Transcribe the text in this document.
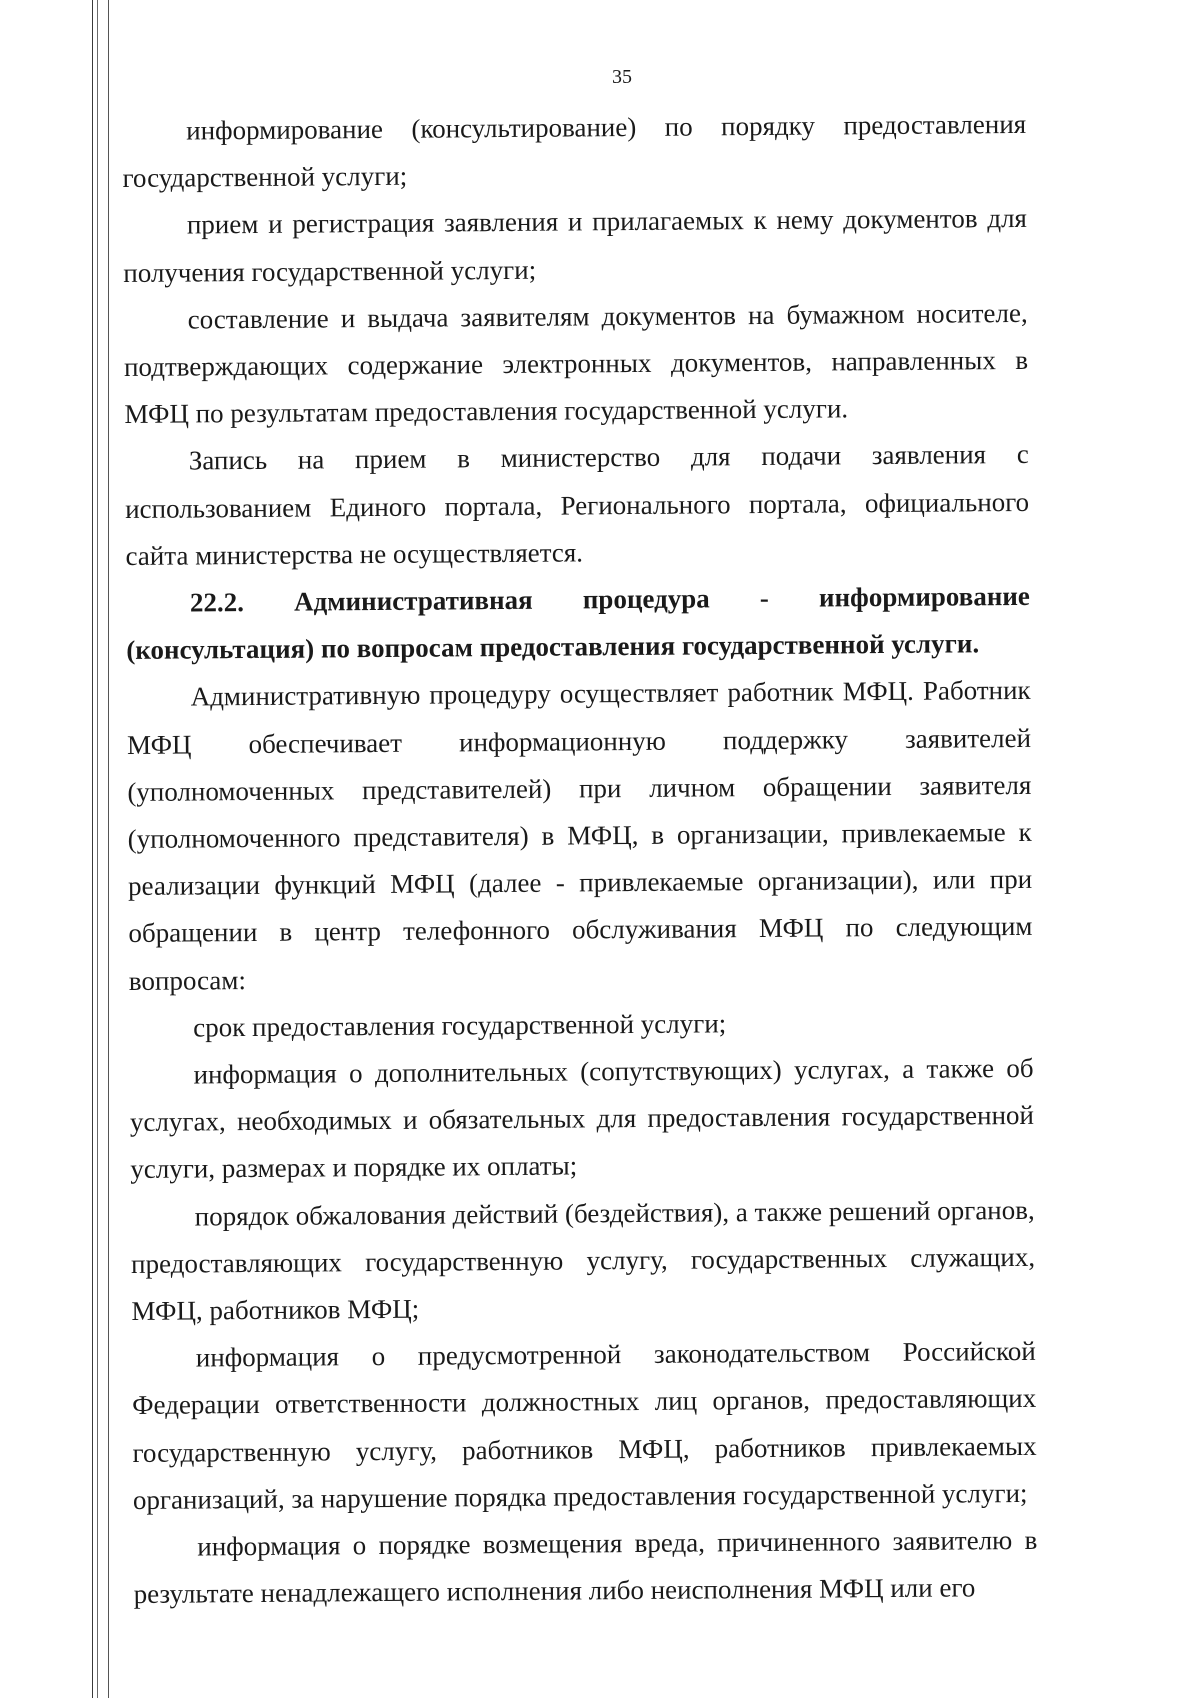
35

информирование (консультирование) по порядку предоставления государственной услуги;

прием и регистрация заявления и прилагаемых к нему документов для получения государственной услуги;

составление и выдача заявителям документов на бумажном носителе, подтверждающих содержание электронных документов, направленных в МФЦ по результатам предоставления государственной услуги.

Запись на прием в министерство для подачи заявления с использованием Единого портала, Регионального портала, официального сайта министерства не осуществляется.

22.2. Административная процедура - информирование (консультация) по вопросам предоставления государственной услуги.

Административную процедуру осуществляет работник МФЦ. Работник МФЦ обеспечивает информационную поддержку заявителей (уполномоченных представителей) при личном обращении заявителя (уполномоченного представителя) в МФЦ, в организации, привлекаемые к реализации функций МФЦ (далее - привлекаемые организации), или при обращении в центр телефонного обслуживания МФЦ по следующим вопросам:

срок предоставления государственной услуги;

информация о дополнительных (сопутствующих) услугах, а также об услугах, необходимых и обязательных для предоставления государственной услуги, размерах и порядке их оплаты;

порядок обжалования действий (бездействия), а также решений органов, предоставляющих государственную услугу, государственных служащих, МФЦ, работников МФЦ;

информация о предусмотренной законодательством Российской Федерации ответственности должностных лиц органов, предоставляющих государственную услугу, работников МФЦ, работников привлекаемых организаций, за нарушение порядка предоставления государственной услуги;

информация о порядке возмещения вреда, причиненного заявителю в результате ненадлежащего исполнения либо неисполнения МФЦ или его
